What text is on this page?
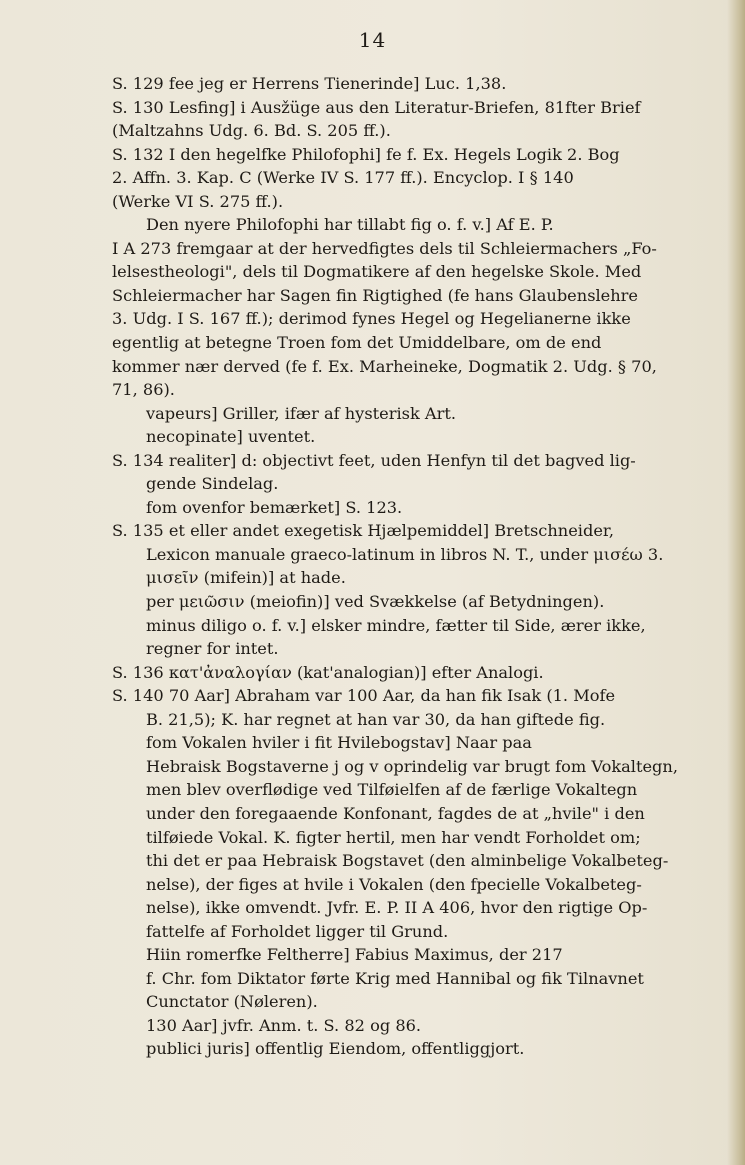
14
S. 129 fee jeg er Herrens Tienerinde] Luc. 1,38.
S. 130 Lesfing] i Ausžüge aus den Literatur-Briefen, 81fter Brief
(Maltzahns Udg. 6. Bd. S. 205 ff.).
S. 132 I den hegelfke Philofophi] fe f. Ex. Hegels Logik 2. Bog
2. Affn. 3. Kap. C (Werke IV S. 177 ff.). Encyclop. I § 140
(Werke VI S. 275 ff.).
Den nyere Philofophi har tillabt fig o. f. v.] Af E. P.
I A 273 fremgaar at der hervedfigtes dels til Schleiermachers „Fo-
lelsestheologi", dels til Dogmatikere af den hegelske Skole. Med
Schleiermacher har Sagen fin Rigtighed (fe hans Glaubenslehre
3. Udg. I S. 167 ff.); derimod fynes Hegel og Hegelianerne ikke
egentlig at betegne Troen fom det Umiddelbare, om de end
kommer nær derved (fe f. Ex. Marheineke, Dogmatik 2. Udg. § 70,
71, 86).
vapeurs] Griller, ifær af hysterisk Art.
necopinate] uventet.
S. 134 realiter] d: objectivt feet, uden Henfyn til det bagved lig-
gende Sindelag.
fom ovenfor bemærket] S. 123.
S. 135 et eller andet exegetisk Hjælpemiddel] Bretschneider,
Lexicon manuale graeco-latinum in libros N. T., under μισέω 3.
μισεῖν (mifein)] at hade.
per μειῶσιν (meiofin)] ved Svækkelse (af Betydningen).
minus diligo o. f. v.] elsker mindre, fætter til Side, ærer ikke,
regner for intet.
S. 136 κατ'ἀναλογίαν (kat'analogian)] efter Analogi.
S. 140 70 Aar] Abraham var 100 Aar, da han fik Isak (1. Mofe
B. 21,5); K. har regnet at han var 30, da han giftede fig.
fom Vokalen hviler i fit Hvilebogstav] Naar paa
Hebraisk Bogstaverne j og v oprindelig var brugt fom Vokaltegn,
men blev overflødige ved Tilføielfen af de færlige Vokaltegn
under den foregaaende Konfonant, fagdes de at „hvile" i den
tilføiede Vokal. K. figter hertil, men har vendt Forholdet om;
thi det er paa Hebraisk Bogstavet (den alminbelige Vokalbeteg-
nelse), der figes at hvile i Vokalen (den fpecielle Vokalbeteg-
nelse), ikke omvendt. Jvfr. E. P. II A 406, hvor den rigtige Op-
fattelfe af Forholdet ligger til Grund.
Hiin romerfke Feltherre] Fabius Maximus, der 217
f. Chr. fom Diktator førte Krig med Hannibal og fik Tilnavnet
Cunctator (Nøleren).
130 Aar] jvfr. Anm. t. S. 82 og 86.
publici juris] offentlig Eiendom, offentliggjort.
